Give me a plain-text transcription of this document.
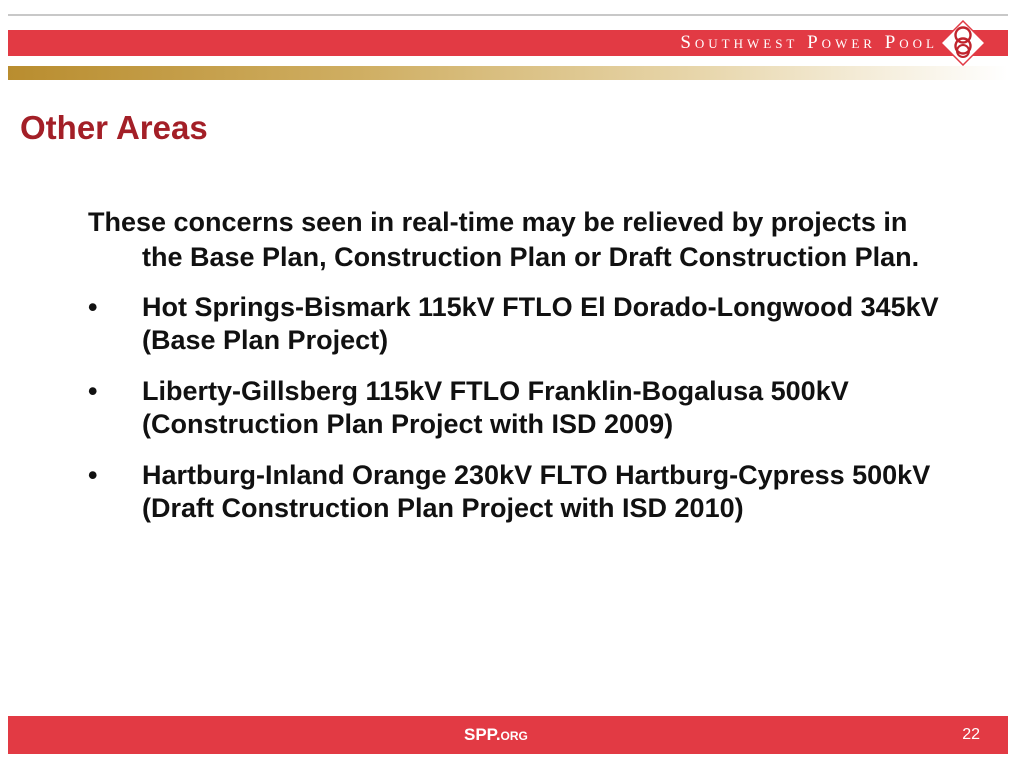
Southwest Power Pool
Other Areas

These concerns seen in real-time may be relieved by projects in the Base Plan, Construction Plan or Draft Construction Plan.

• Hot Springs-Bismark 115kV FTLO El Dorado-Longwood 345kV (Base Plan Project)
• Liberty-Gillsberg 115kV FTLO Franklin-Bogalusa 500kV (Construction Plan Project with ISD 2009)
• Hartburg-Inland Orange 230kV FLTO Hartburg-Cypress 500kV (Draft Construction Plan Project with ISD 2010)
SPP.org	22
